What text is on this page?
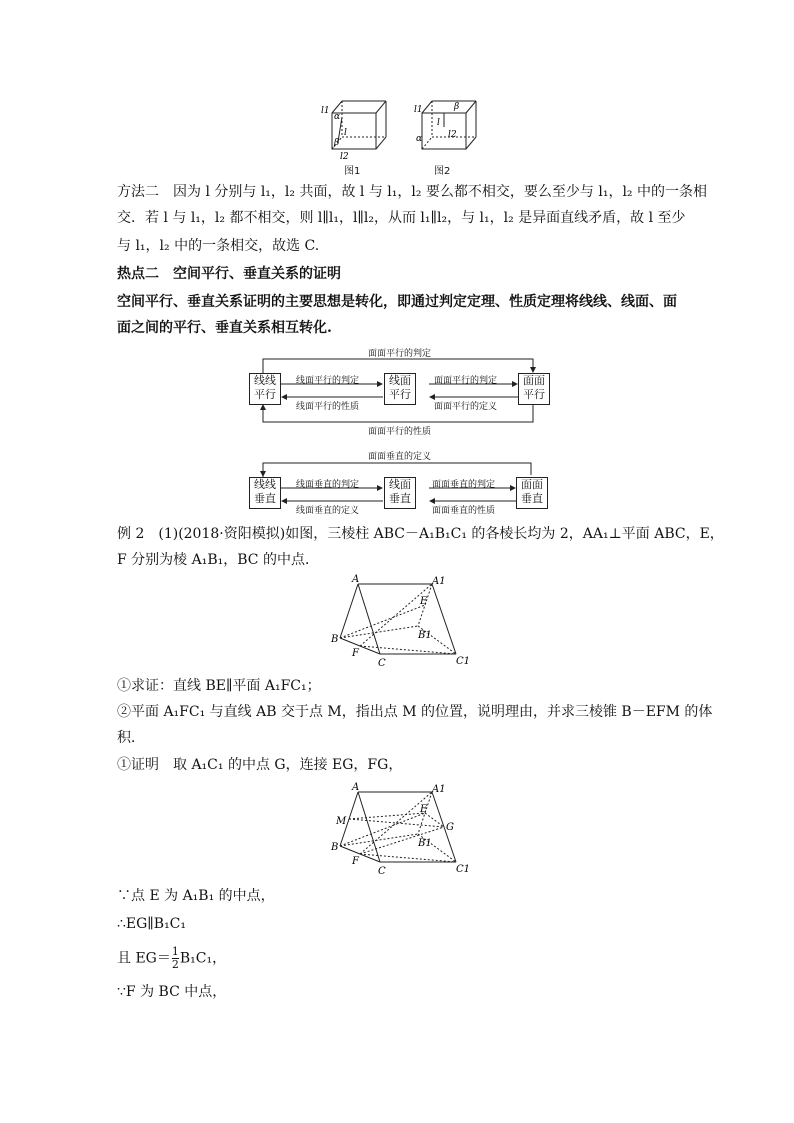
l1
α
l
β
l2
图1
l1	β
l
l2
α
图2
方法二　因为 l 分别与 l₁，l₂ 共面，故 l 与 l₁，l₂ 要么都不相交，要么至少与 l₁，l₂ 中的一条相
交．若 l 与 l₁，l₂ 都不相交，则 l∥l₁，l∥l₂，从而 l₁∥l₂，与 l₁，l₂ 是异面直线矛盾，故 l 至少
与 l₁，l₂ 中的一条相交，故选 C.
热点二　空间平行、垂直关系的证明
空间平行、垂直关系证明的主要思想是转化，即通过判定定理、性质定理将线线、线面、面
面之间的平行、垂直关系相互转化.
面面平行的判定
面面平行的性质
线线
平行
线面
平行
面面
平行
线面平行的判定
线面平行的性质
面面平行的判定
面面平行的定义
面面垂直的定义
线线
垂直
线面
垂直
面面
垂直
线面垂直的判定
线面垂直的定义
面面垂直的判定
面面垂直的性质
例 2　(1)(2018·资阳模拟)如图，三棱柱 ABC－A₁B₁C₁ 的各棱长均为 2，AA₁⊥平面 ABC，E，
F 分别为棱 A₁B₁，BC 的中点．
A	A1
E
B	B1
F
C	C1
①求证：直线 BE∥平面 A₁FC₁；
②平面 A₁FC₁ 与直线 AB 交于点 M，指出点 M 的位置，说明理由，并求三棱锥 B－EFM 的体
积．
①证明　取 A₁C₁ 的中点 G，连接 EG，FG，
A	A1
M
E
G
B	B1
F
C	C1
∵点 E 为 A₁B₁ 的中点，
∴EG∥B₁C₁
且 $EG= \frac{1}{2} B_1C_1$，
∵F 为 BC 中点，
